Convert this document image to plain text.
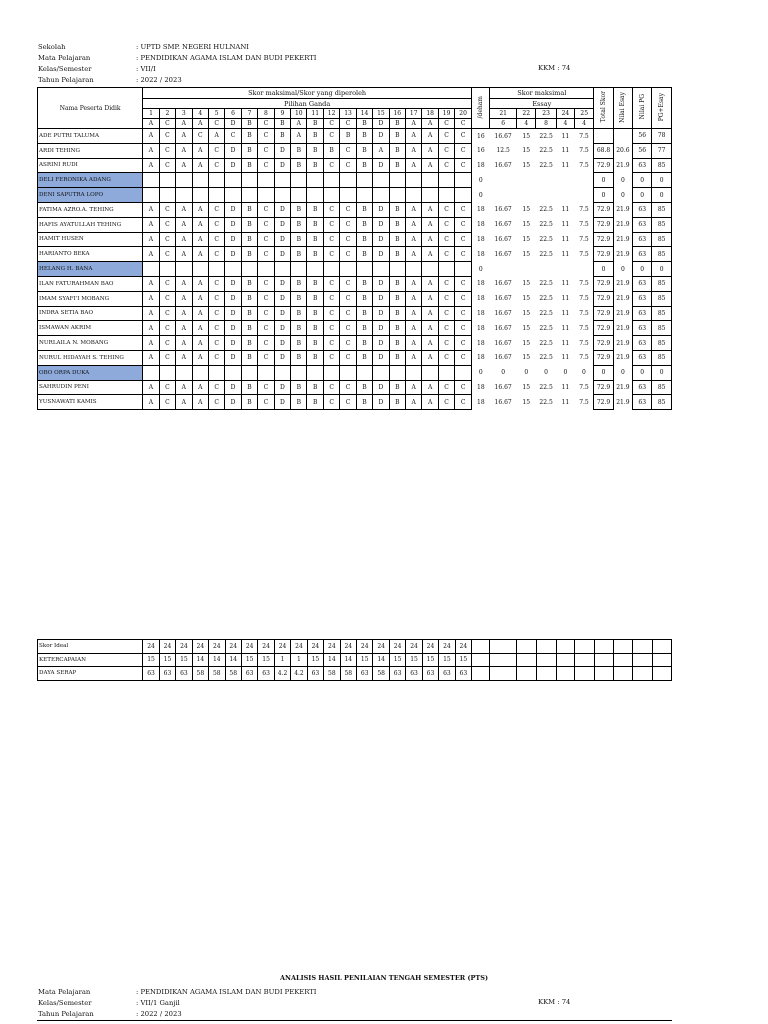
Sekolah	: UPTD SMP. NEGERI HULNANI
Mata Pelajaran	: PENDIDIKAN AGAMA ISLAM DAN BUDI PEKERTI
Kelas/Semester	: VII/I
Tahun Pelajaran	: 2022 / 2023
KKM : 74
Nama Peserta Didik	Skor maksimal/Skor yang diperoleh																				/deham	Skor maksimal					Total Skor	Nilai Esay	Nilai PG	PG+Esay
	Pilihan Ganda																					Essay								
	1	2	3	4	5	6	7	8	9	10	11	12	13	14	15	16	17	18	19	20		21	22	23	24	25				
	A	C	A	A	C	D	B	C	B	A	B	C	C	B	D	B	A	A	C	C		6	4	8	4	4				
ADE PUTRI TALUMA	A	C	A	C	A	C	B	C	B	A	B	C	B	B	D	B	A	A	C	C	16	16.67	15	22.5	11	7.5			56	78
ARDI TEHING	A	C	A	A	C	D	B	C	D	B	B	B	C	B	A	B	A	A	C	C	16	12.5	15	22.5	11	7.5	68.8	20.6	56	77
ASRINI RUDI	A	C	A	A	C	D	B	C	D	B	B	C	C	B	D	B	A	A	C	C	18	16.67	15	22.5	11	7.5	72.9	21.9	63	85
DELI FERONIKA ADANG																					0						0	0	0	0
DENI SAPUTRA LOPO																					0						0	0	0	0
FATIMA AZRO.A. TEHING	A	C	A	A	C	D	B	C	D	B	B	C	C	B	D	B	A	A	C	C	18	16.67	15	22.5	11	7.5	72.9	21.9	63	85
HAFIS AYATULLAH TEHING	A	C	A	A	C	D	B	C	D	B	B	C	C	B	D	B	A	A	C	C	18	16.67	15	22.5	11	7.5	72.9	21.9	63	85
HAMIT HUSEN	A	C	A	A	C	D	B	C	D	B	B	C	C	B	D	B	A	A	C	C	18	16.67	15	22.5	11	7.5	72.9	21.9	63	85
HARIANTO BEKA	A	C	A	A	C	D	B	C	D	B	B	C	C	B	D	B	A	A	C	C	18	16.67	15	22.5	11	7.5	72.9	21.9	63	85
HELANG H. BANA																					0						0	0	0	0
ILAN FATURAHMAN BAO	A	C	A	A	C	D	B	C	D	B	B	C	C	B	D	B	A	A	C	C	18	16.67	15	22.5	11	7.5	72.9	21.9	63	85
IMAM SYAFI'I MOBANG	A	C	A	A	C	D	B	C	D	B	B	C	C	B	D	B	A	A	C	C	18	16.67	15	22.5	11	7.5	72.9	21.9	63	85
INDRA SETIA BAO	A	C	A	A	C	D	B	C	D	B	B	C	C	B	D	B	A	A	C	C	18	16.67	15	22.5	11	7.5	72.9	21.9	63	85
ISMAWAN AKRIM	A	C	A	A	C	D	B	C	D	B	B	C	C	B	D	B	A	A	C	C	18	16.67	15	22.5	11	7.5	72.9	21.9	63	85
NURLAILA N. MOBANG	A	C	A	A	C	D	B	C	D	B	B	C	C	B	D	B	A	A	C	C	18	16.67	15	22.5	11	7.5	72.9	21.9	63	85
NURUL HIDAYAH S. TEHING	A	C	A	A	C	D	B	C	D	B	B	C	C	B	D	B	A	A	C	C	18	16.67	15	22.5	11	7.5	72.9	21.9	63	85
OBO ORPA DUKA																					0	0	0	0	0	0	0	0	0	0
SAHRUDIN PENI	A	C	A	A	C	D	B	C	D	B	B	C	C	B	D	B	A	A	C	C	18	16.67	15	22.5	11	7.5	72.9	21.9	63	85
YUSNAWATI KAMIS	A	C	A	A	C	D	B	C	D	B	B	C	C	B	D	B	A	A	C	C	18	16.67	15	22.5	11	7.5	72.9	21.9	63	85
Skor Ideal	24	24	24	24	24	24	24	24	24	24	24	24	24	24	24	24	24	24	24	24										
KETERCAPAIAN	15	15	15	14	14	14	15	15	1	1	15	14	14	15	14	15	15	15	15	15										
DAYA SERAP	63	63	63	58	58	58	63	63	4.2	4.2	63	58	58	63	58	63	63	63	63	63										
ANALISIS HASIL PENILAIAN TENGAH SEMESTER (PTS)
Mata Pelajaran	: PENDIDIKAN AGAMA ISLAM DAN BUDI PEKERTI
Kelas/Semester	: VII/1 Ganjil
Tahun Pelajaran	: 2022 / 2023
KKM : 74
